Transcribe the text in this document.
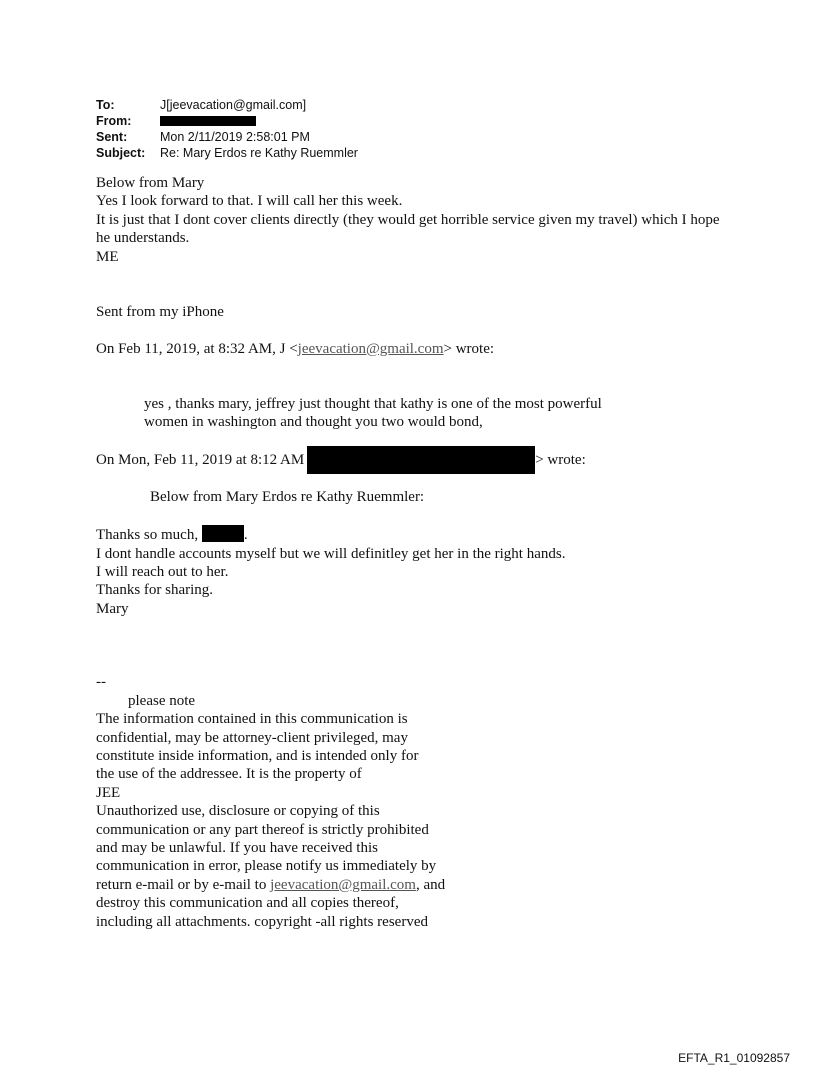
To:	J[jeevacation@gmail.com]
From:
Sent:	Mon 2/11/2019 2:58:01 PM
Subject:	Re: Mary Erdos re Kathy Ruemmler

Below from Mary

Yes I look forward to that. I will call her this week.

It is just that I dont cover clients directly (they would get horrible service given my travel) which I hope he understands.

ME

Sent from my iPhone

On Feb 11, 2019, at 8:32 AM, J <jeevacation@gmail.com> wrote:

yes , thanks mary, jeffrey just thought that kathy is one of the most powerful

women in washington and thought you two would bond,

On Mon, Feb 11, 2019 at 8:12 AM	> wrote:

Below from Mary Erdos re Kathy Ruemmler:

Thanks so much,	.

I dont handle accounts myself but we will definitley get her in the right hands.

I will reach out to her.

Thanks for sharing.

Mary

--

please note

The information contained in this communication is

confidential, may be attorney-client privileged, may

constitute inside information, and is intended only for

the use of the addressee. It is the property of

JEE

Unauthorized use, disclosure or copying of this

communication or any part thereof is strictly prohibited

and may be unlawful. If you have received this

communication in error, please notify us immediately by

return e-mail or by e-mail to jeevacation@gmail.com, and

destroy this communication and all copies thereof,

including all attachments. copyright -all rights reserved

EFTA_R1_01092857
